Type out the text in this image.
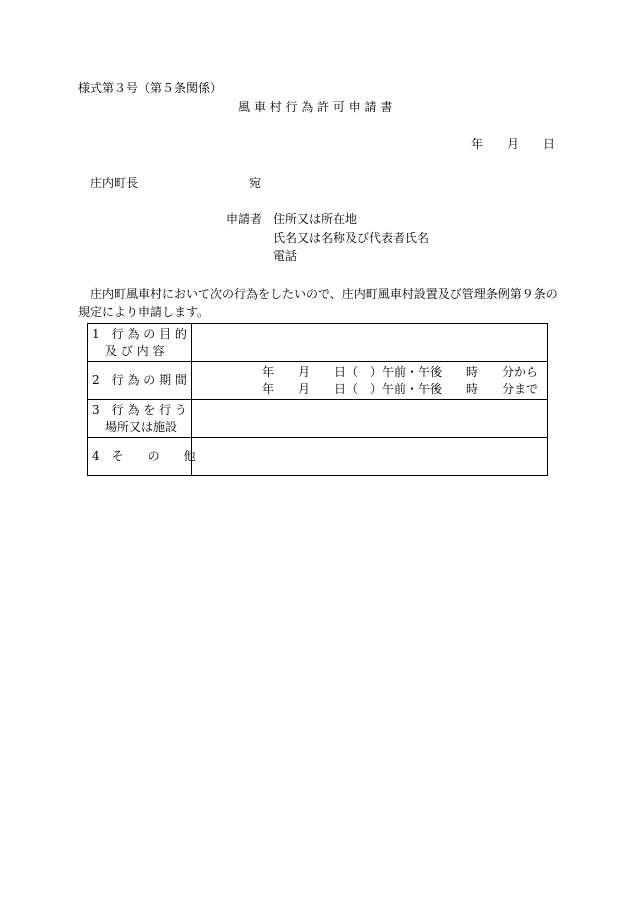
様式第３号（第５条関係）
風 車 村 行 為 許 可 申 請 書
年　　月　　日
庄内町長	宛
申請者 住所又は所在地
氏名又は名称及び代表者氏名
電話
庄内町風車村において次の行為をしたいので、庄内町風車村設置及び管理条例第９条の
規定により申請します。
1　行 為 の 目 的
及 び 内 容	

2　行 為 の 期 間	年　　月　　日（　）午前・午後　　時　　分から
年　　月　　日（　）午前・午後　　時　　分まで

3　行 為 を 行 う
場所又は施設	

4　そ　　の　　他	
